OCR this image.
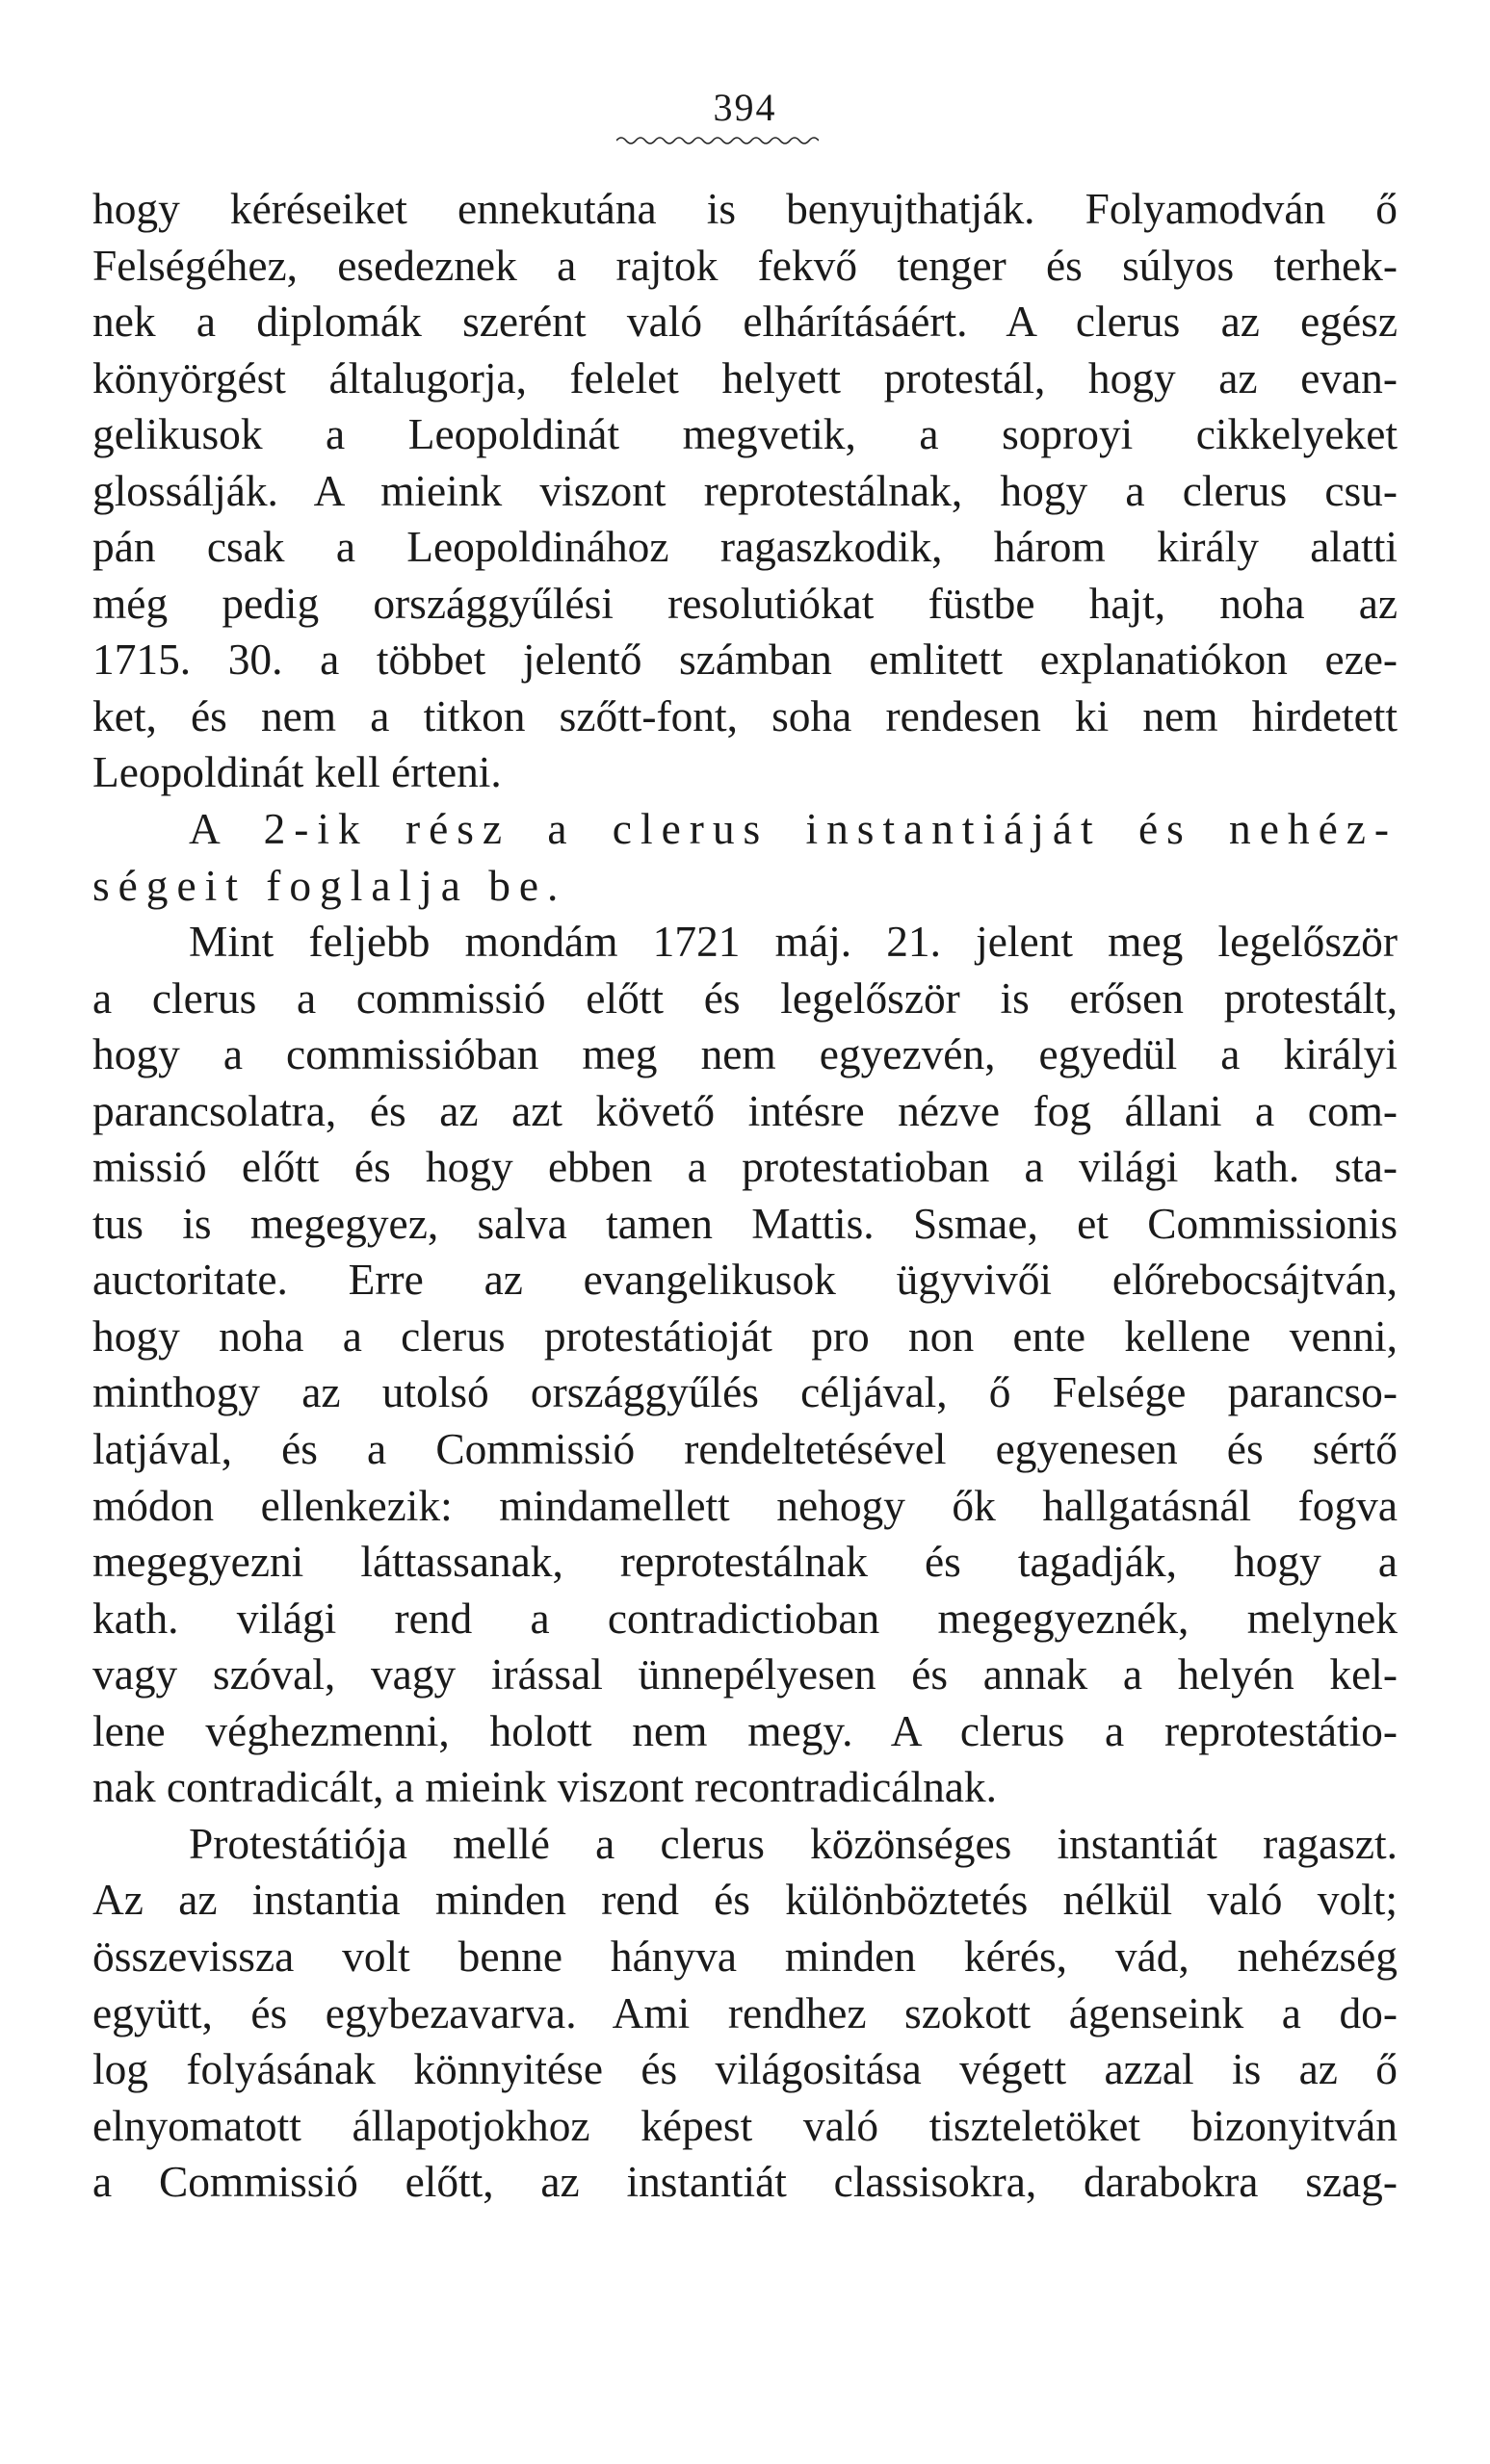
394
hogy kéréseiket ennekutána is benyujthatják. Folyamodván ő
Felségéhez, esedeznek a rajtok fekvő tenger és súlyos terhek-
nek a diplomák szerént való elhárításáért. A clerus az egész
könyörgést általugorja, felelet helyett protestál, hogy az evan-
gelikusok a Leopoldinát megvetik, a soproyi cikkelyeket
glossálják. A mieink viszont reprotestálnak, hogy a clerus csu-
pán csak a Leopoldinához ragaszkodik, három király alatti
még pedig országgyűlési resolutiókat füstbe hajt, noha az
1715. 30. a többet jelentő számban emlitett explanatiókon eze-
ket, és nem a titkon szőtt-font, soha rendesen ki nem hirdetett
Leopoldinát kell érteni.
A 2-ik rész a clerus instantiáját és nehéz-
ségeit foglalja be.
Mint feljebb mondám 1721 máj. 21. jelent meg legelőször
a clerus a commissió előtt és legelőször is erősen protestált,
hogy a commissióban meg nem egyezvén, egyedül a királyi
parancsolatra, és az azt követő intésre nézve fog állani a com-
missió előtt és hogy ebben a protestatioban a világi kath. sta-
tus is megegyez, salva tamen Mattis. Ssmae, et Commissionis
auctoritate. Erre az evangelikusok ügyvivői előrebocsájtván,
hogy noha a clerus protestátioját pro non ente kellene venni,
minthogy az utolsó országgyűlés céljával, ő Felsége parancso-
latjával, és a Commissió rendeltetésével egyenesen és sértő
módon ellenkezik: mindamellett nehogy ők hallgatásnál fogva
megegyezni láttassanak, reprotestálnak és tagadják, hogy a
kath. világi rend a contradictioban megegyeznék, melynek
vagy szóval, vagy irással ünnepélyesen és annak a helyén kel-
lene véghezmenni, holott nem megy. A clerus a reprotestátio-
nak contradicált, a mieink viszont recontradicálnak.
Protestátiója mellé a clerus közönséges instantiát ragaszt.
Az az instantia minden rend és különböztetés nélkül való volt;
összevissza volt benne hányva minden kérés, vád, nehézség
együtt, és egybezavarva. Ami rendhez szokott ágenseink a do-
log folyásának könnyitése és világositása végett azzal is az ő
elnyomatott állapotjokhoz képest való tiszteletöket bizonyitván
a Commissió előtt, az instantiát classisokra, darabokra szag-
